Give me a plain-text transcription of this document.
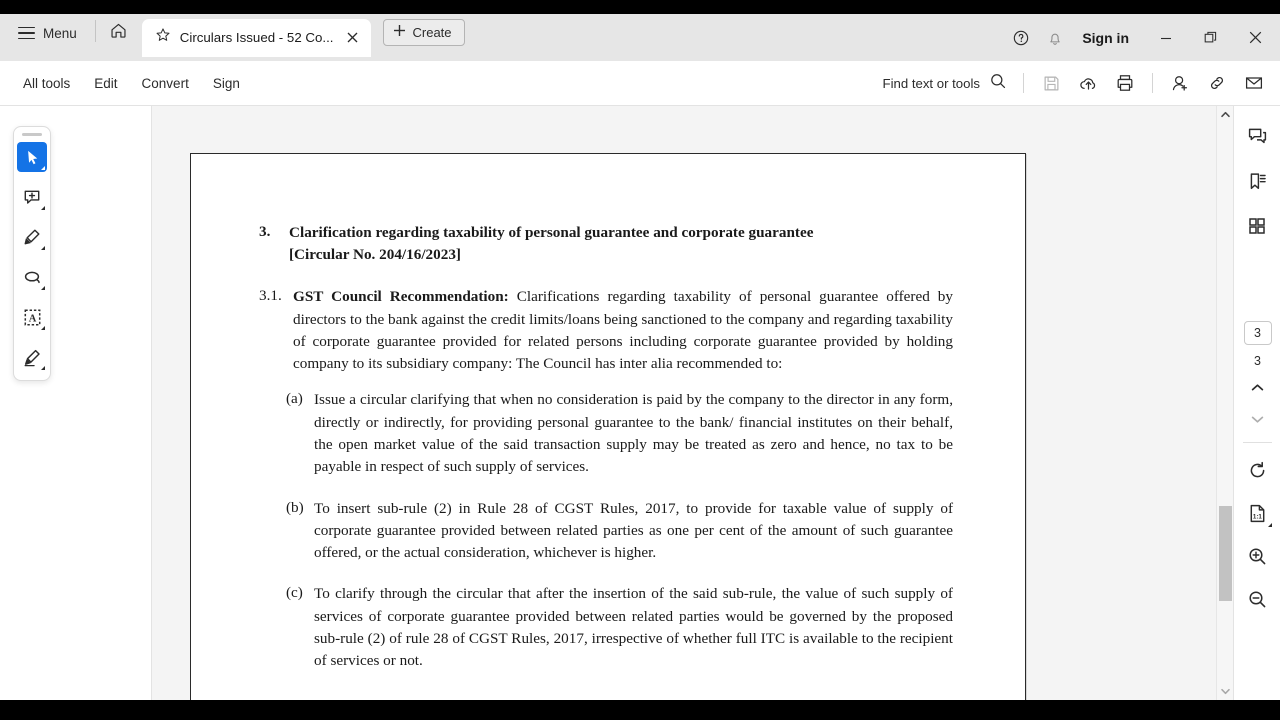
Menu	Circulars Issued - 52 Co...	Create	Sign in
All tools	Edit	Convert	Sign	Find text or tools
A
3.	Clarification regarding taxability of personal guarantee and corporate guarantee
[Circular No. 204/16/2023]
3.1. GST Council Recommendation: Clarifications regarding taxability of personal guarantee offered by directors to the bank against the credit limits/loans being sanctioned to the company and regarding taxability of corporate guarantee provided for related persons including corporate guarantee provided by holding company to its subsidiary company: The Council has inter alia recommended to:
(a) Issue a circular clarifying that when no consideration is paid by the company to the director in any form, directly or indirectly, for providing personal guarantee to the bank/ financial institutes on their behalf, the open market value of the said transaction supply may be treated as zero and hence, no tax to be payable in respect of such supply of services.
(b) To insert sub-rule (2) in Rule 28 of CGST Rules, 2017, to provide for taxable value of supply of corporate guarantee provided between related parties as one per cent of the amount of such guarantee offered, or the actual consideration, whichever is higher.
(c) To clarify through the circular that after the insertion of the said sub-rule, the value of such supply of services of corporate guarantee provided between related parties would be governed by the proposed sub-rule (2) of rule 28 of CGST Rules, 2017, irrespective of whether full ITC is available to the recipient of services or not.
3
3
1:1
